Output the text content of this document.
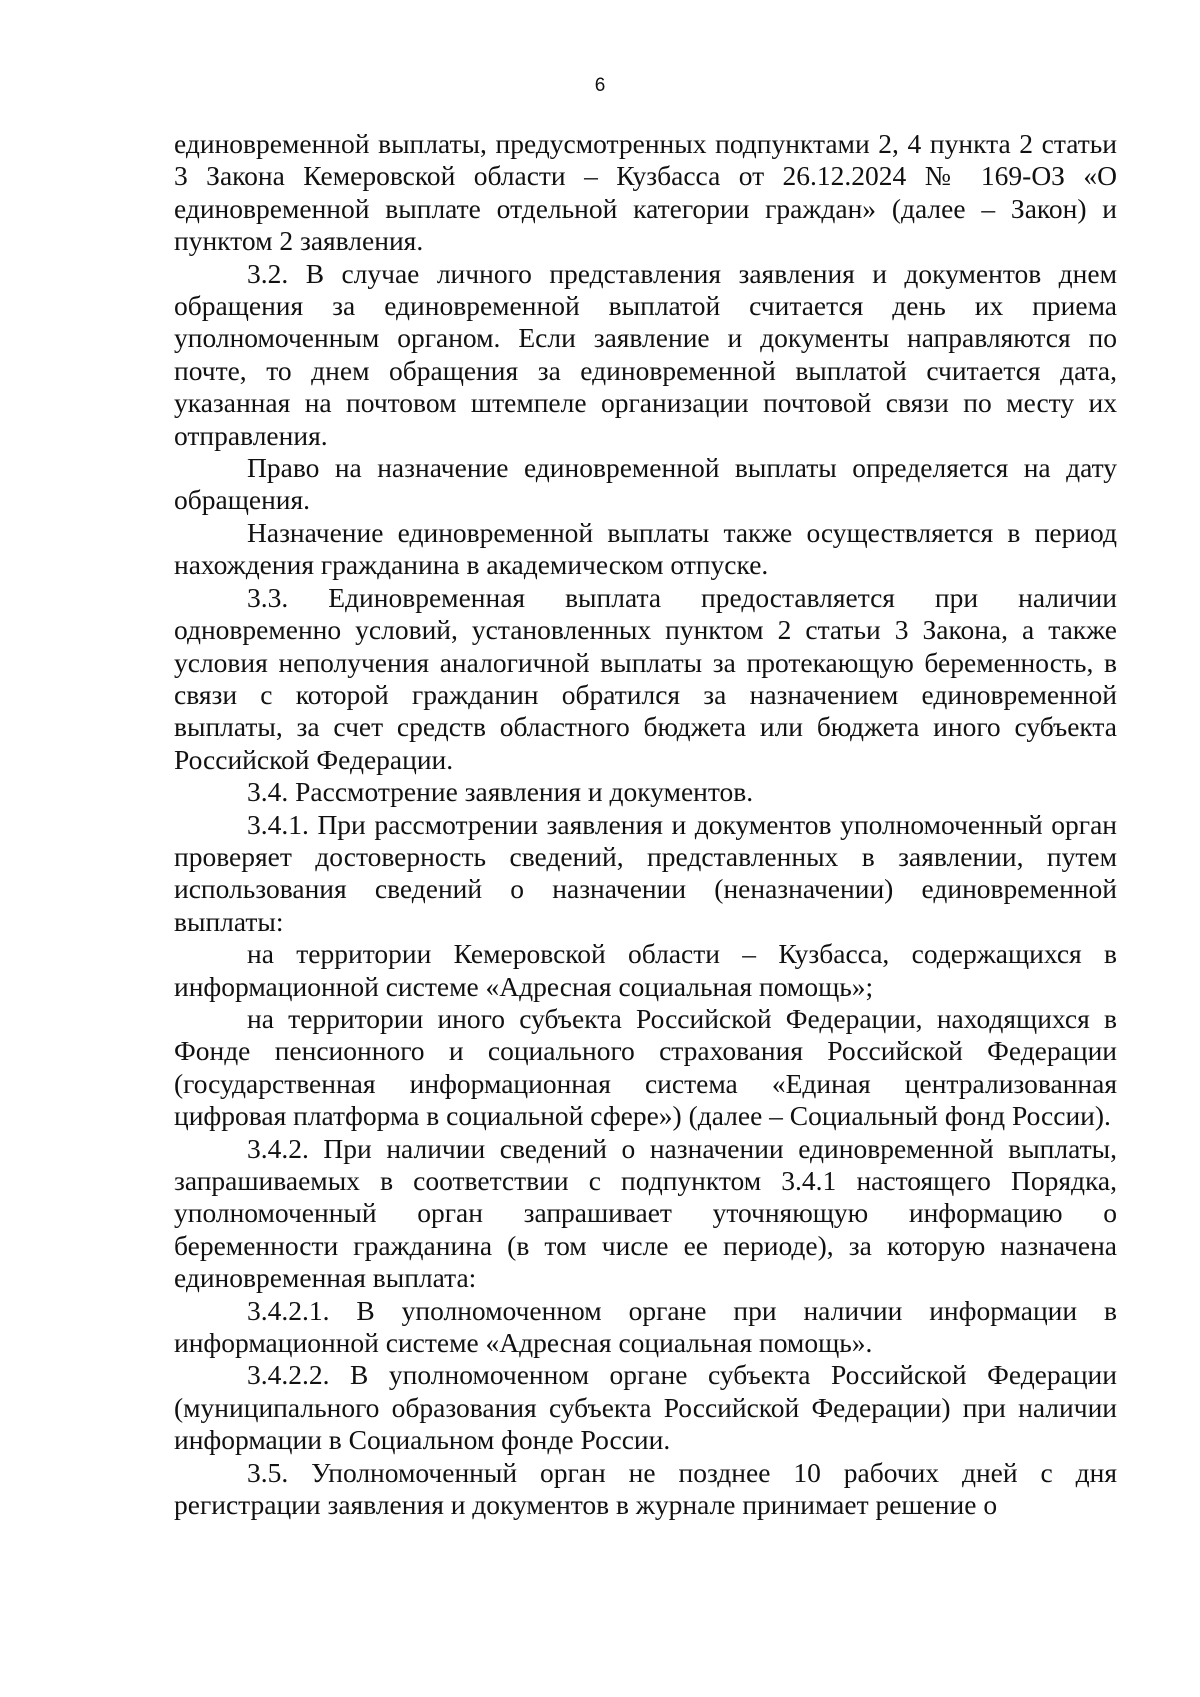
6

единовременной выплаты, предусмотренных подпунктами 2, 4 пункта 2 статьи 3 Закона Кемеровской области – Кузбасса от 26.12.2024 № 169-ОЗ «О единовременной выплате отдельной категории граждан» (далее – Закон) и пунктом 2 заявления.

3.2. В случае личного представления заявления и документов днем обращения за единовременной выплатой считается день их приема уполномоченным органом. Если заявление и документы направляются по почте, то днем обращения за единовременной выплатой считается дата, указанная на почтовом штемпеле организации почтовой связи по месту их отправления.

Право на назначение единовременной выплаты определяется на дату обращения.

Назначение единовременной выплаты также осуществляется в период нахождения гражданина в академическом отпуске.

3.3. Единовременная выплата предоставляется при наличии одновременно условий, установленных пунктом 2 статьи 3 Закона, а также условия неполучения аналогичной выплаты за протекающую беременность, в связи с которой гражданин обратился за назначением единовременной выплаты, за счет средств областного бюджета или бюджета иного субъекта Российской Федерации.

3.4. Рассмотрение заявления и документов.

3.4.1. При рассмотрении заявления и документов уполномоченный орган проверяет достоверность сведений, представленных в заявлении, путем использования сведений о назначении (неназначении) единовременной выплаты:

на территории Кемеровской области – Кузбасса, содержащихся в информационной системе «Адресная социальная помощь»;

на территории иного субъекта Российской Федерации, находящихся в Фонде пенсионного и социального страхования Российской Федерации (государственная информационная система «Единая централизованная цифровая платформа в социальной сфере») (далее – Социальный фонд России).

3.4.2. При наличии сведений о назначении единовременной выплаты, запрашиваемых в соответствии с подпунктом 3.4.1 настоящего Порядка, уполномоченный орган запрашивает уточняющую информацию о беременности гражданина (в том числе ее периоде), за которую назначена единовременная выплата:

3.4.2.1. В уполномоченном органе при наличии информации в информационной системе «Адресная социальная помощь».

3.4.2.2. В уполномоченном органе субъекта Российской Федерации (муниципального образования субъекта Российской Федерации) при наличии информации в Социальном фонде России.

3.5. Уполномоченный орган не позднее 10 рабочих дней с дня регистрации заявления и документов в журнале принимает решение о
